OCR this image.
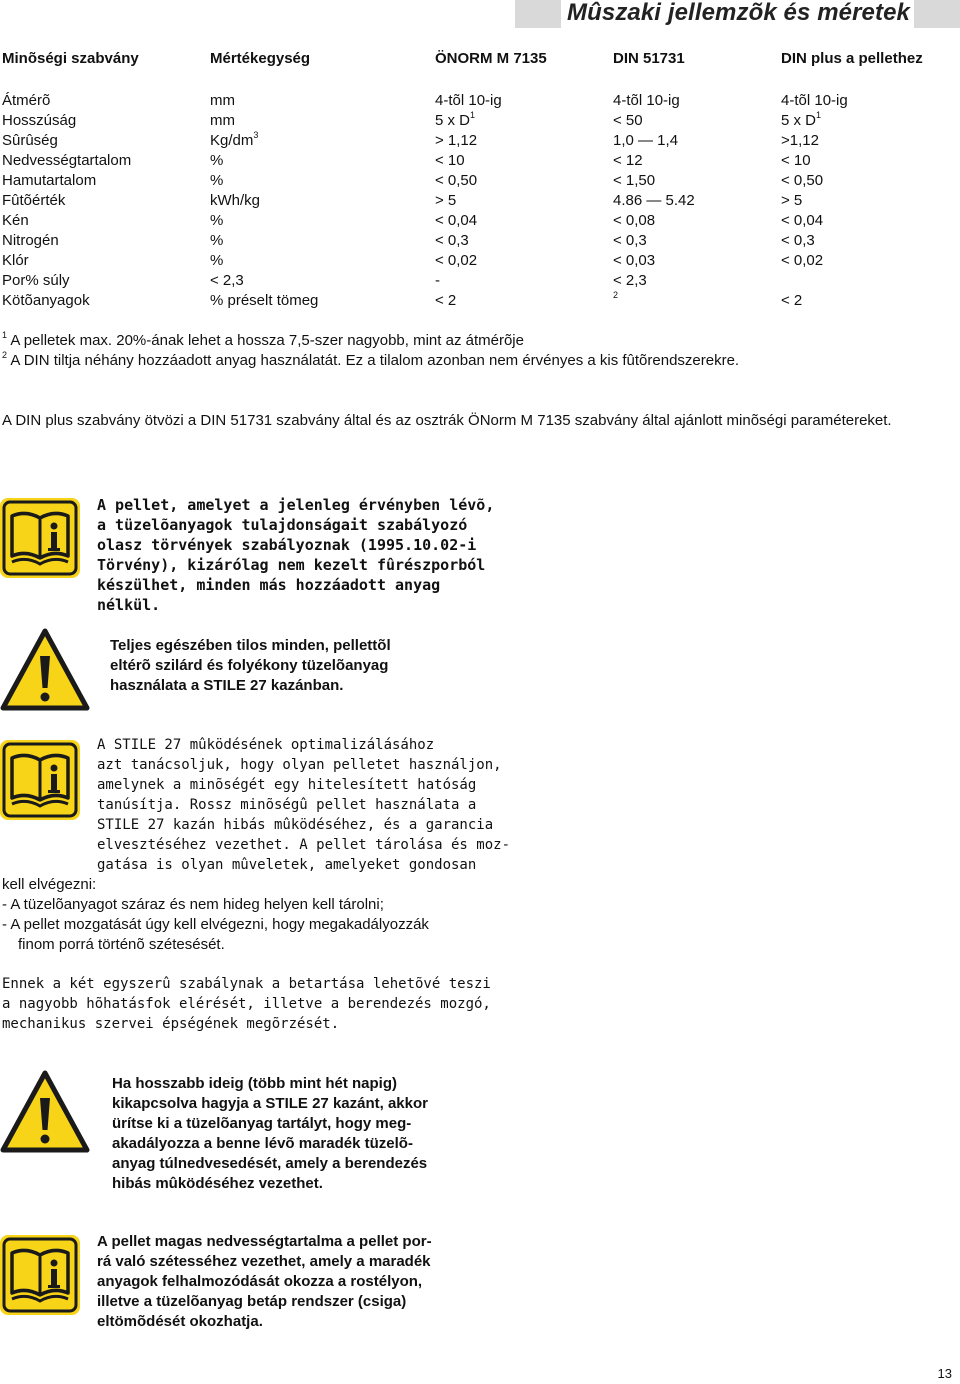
Mûszaki jellemzõk és méretek
Minõségi szabvány	Mértékegység	ÖNORM M 7135	DIN 51731	DIN plus a pellethez

Átmérõ	mm	4-tõl 10-ig	4-tõl 10-ig	4-tõl 10-ig
Hosszúság	mm	5 x $D^1$	< 50	5 x $D^1$
Sûrûség	$Kg/dm^3$	> 1,12	1,0 — 1,4	>1,12
Nedvességtartalom	%	< 10	< 12	< 10
Hamutartalom	%	< 0,50	< 1,50	< 0,50
Fûtõérték	kWh/kg	> 5	4.86 — 5.42	> 5
Kén	%	< 0,04	< 0,08	< 0,04
Nitrogén	%	< 0,3	< 0,3	< 0,3
Klór	%	< 0,02	< 0,03	< 0,02
Por% súly	< 2,3	-	< 2,3	
Kötõanyagok	% préselt tömeg	< 2	$^2$	< 2
$^1$ A pelletek max. 20%-ának lehet a hossza 7,5-szer nagyobb, mint az átmérõje
$^2$ A DIN tiltja néhány hozzáadott anyag használatát. Ez a tilalom azonban nem érvényes a kis fûtõrendszerekre.
A DIN plus szabvány ötvözi a DIN 51731 szabvány által és az osztrák ÖNorm M 7135 szabvány által ajánlott minõségi paramétereket.
A pellet, amelyet a jelenleg érvényben lévõ,
a tüzelõanyagok tulajdonságait szabályozó
olasz törvények szabályoznak (1995.10.02-i
Törvény), kizárólag nem kezelt fûrészporból
készülhet, minden más hozzáadott anyag
nélkül.
Teljes egészében tilos minden, pellettõl
eltérõ szilárd és folyékony tüzelõanyag
használata a STILE 27 kazánban.
A STILE 27 mûködésének optimalizálásához
azt tanácsoljuk, hogy olyan pelletet használjon,
amelynek a minõségét egy hitelesített hatóság
tanúsítja. Rossz minõségû pellet használata a
STILE 27 kazán hibás mûködéséhez, és a garancia
elvesztéséhez vezethet. A pellet tárolása és moz-
gatása is olyan mûveletek, amelyeket gondosan
kell elvégezni:
- A tüzelõanyagot száraz és nem hideg helyen kell tárolni;
- A pellet mozgatását úgy kell elvégezni, hogy megakadályozzák
finom porrá történõ szétesését.
Ennek a két egyszerû szabálynak a betartása lehetõvé teszi
a nagyobb hõhatásfok elérését, illetve a berendezés mozgó,
mechanikus szervei épségének megõrzését.
Ha hosszabb ideig (több mint hét napig)
kikapcsolva hagyja a STILE 27 kazánt, akkor
ürítse ki a tüzelõanyag tartályt, hogy meg-
akadályozza a benne lévõ maradék tüzelõ-
anyag túlnedvesedését, amely a berendezés
hibás mûködéséhez vezethet.
A pellet magas nedvességtartalma a pellet por-
rá való szétesséhez vezethet, amely a maradék
anyagok felhalmozódását okozza a rostélyon,
illetve a tüzelõanyag betáp rendszer (csiga)
eltömõdését okozhatja.
13
